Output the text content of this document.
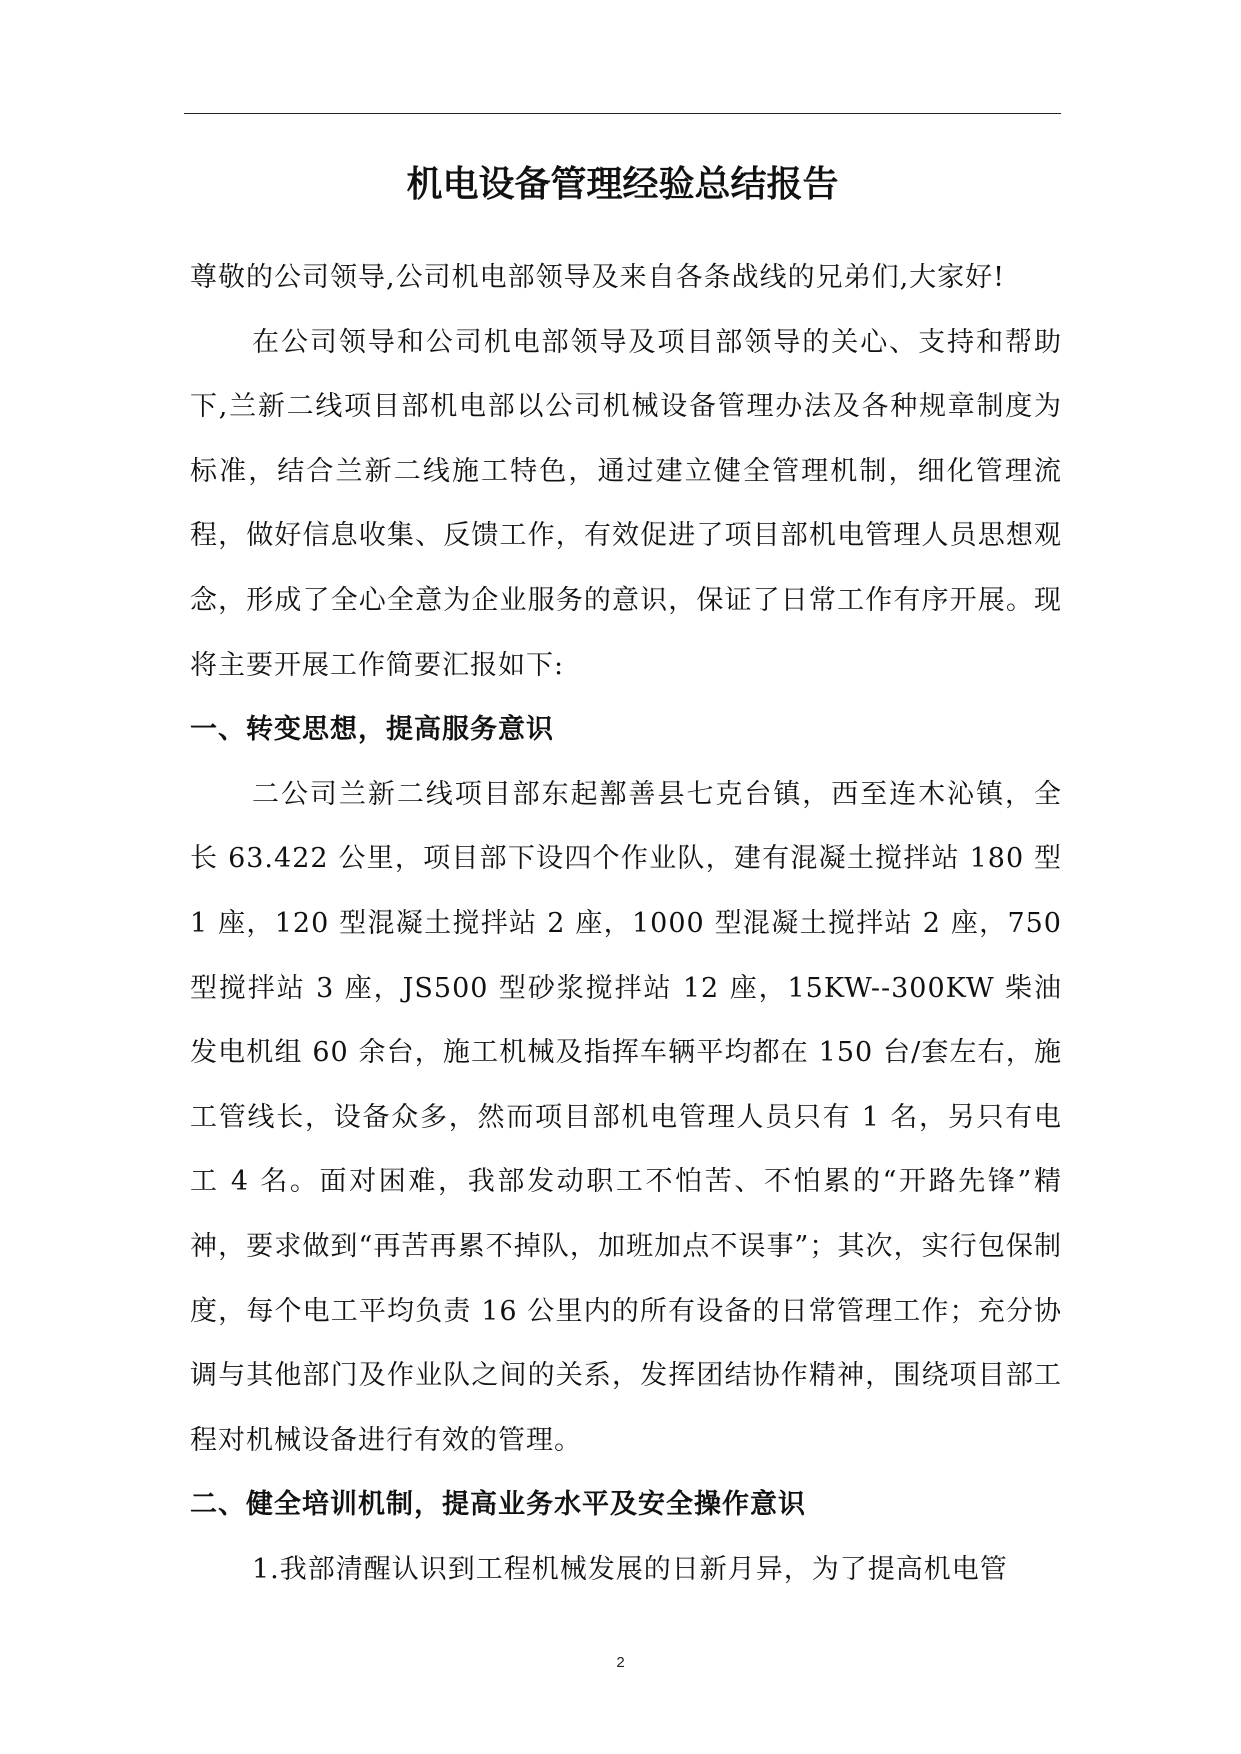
机电设备管理经验总结报告

尊敬的公司领导,公司机电部领导及来自各条战线的兄弟们,大家好!

在公司领导和公司机电部领导及项目部领导的关心、支持和帮助下,兰新二线项目部机电部以公司机械设备管理办法及各种规章制度为标准，结合兰新二线施工特色，通过建立健全管理机制，细化管理流程，做好信息收集、反馈工作，有效促进了项目部机电管理人员思想观念，形成了全心全意为企业服务的意识，保证了日常工作有序开展。现将主要开展工作简要汇报如下:

一、转变思想，提高服务意识

二公司兰新二线项目部东起鄯善县七克台镇，西至连木沁镇，全长 63.422 公里，项目部下设四个作业队，建有混凝土搅拌站 180 型 1 座，120 型混凝土搅拌站 2 座，1000 型混凝土搅拌站 2 座，750 型搅拌站 3 座，JS500 型砂浆搅拌站 12 座，15KW--300KW 柴油发电机组 60 余台，施工机械及指挥车辆平均都在 150 台/套左右，施工管线长，设备众多，然而项目部机电管理人员只有 1 名，另只有电工 4 名。面对困难，我部发动职工不怕苦、不怕累的“开路先锋”精神，要求做到“再苦再累不掉队，加班加点不误事”；其次，实行包保制度，每个电工平均负责 16 公里内的所有设备的日常管理工作；充分协调与其他部门及作业队之间的关系，发挥团结协作精神，围绕项目部工程对机械设备进行有效的管理。

二、健全培训机制，提高业务水平及安全操作意识

1.我部清醒认识到工程机械发展的日新月异，为了提高机电管

2
